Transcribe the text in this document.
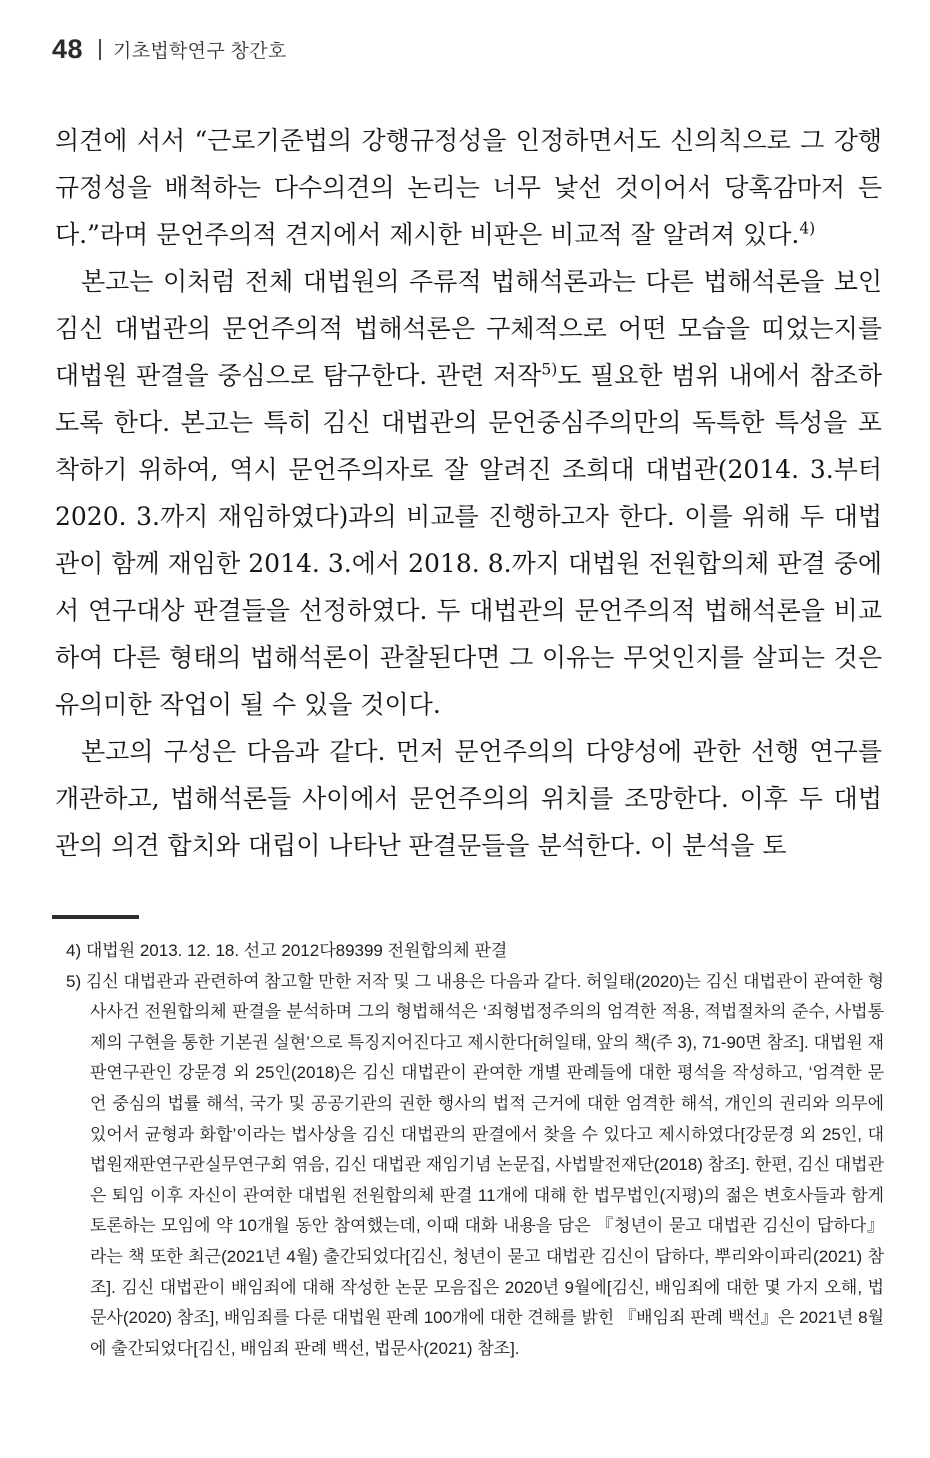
48 기초법학연구 창간호

의견에 서서 “근로기준법의 강행규정성을 인정하면서도 신의칙으로 그 강행규정성을 배척하는 다수의견의 논리는 너무 낯선 것이어서 당혹감마저 든다.”라며 문언주의적 견지에서 제시한 비판은 비교적 잘 알려져 있다.$^{4)}$

본고는 이처럼 전체 대법원의 주류적 법해석론과는 다른 법해석론을 보인 김신 대법관의 문언주의적 법해석론은 구체적으로 어떤 모습을 띠었는지를 대법원 판결을 중심으로 탐구한다. 관련 저작$^{5)}$도 필요한 범위 내에서 참조하도록 한다. 본고는 특히 김신 대법관의 문언중심주의만의 독특한 특성을 포착하기 위하여, 역시 문언주의자로 잘 알려진 조희대 대법관(2014. 3.부터 2020. 3.까지 재임하였다)과의 비교를 진행하고자 한다. 이를 위해 두 대법관이 함께 재임한 2014. 3.에서 2018. 8.까지 대법원 전원합의체 판결 중에서 연구대상 판결들을 선정하였다. 두 대법관의 문언주의적 법해석론을 비교하여 다른 형태의 법해석론이 관찰된다면 그 이유는 무엇인지를 살피는 것은 유의미한 작업이 될 수 있을 것이다.

본고의 구성은 다음과 같다. 먼저 문언주의의 다양성에 관한 선행 연구를 개관하고, 법해석론들 사이에서 문언주의의 위치를 조망한다. 이후 두 대법관의 의견 합치와 대립이 나타난 판결문들을 분석한다. 이 분석을 토

4) 대법원 2013. 12. 18. 선고 2012다89399 전원합의체 판결
5) 김신 대법관과 관련하여 참고할 만한 저작 및 그 내용은 다음과 같다. 허일태(2020)는 김신 대법관이 관여한 형사사건 전원합의체 판결을 분석하며 그의 형법해석은 ‘죄형법정주의의 엄격한 적용, 적법절차의 준수, 사법통제의 구현을 통한 기본권 실현’으로 특징지어진다고 제시한다[허일태, 앞의 책(주 3), 71-90면 참조]. 대법원 재판연구관인 강문경 외 25인(2018)은 김신 대법관이 관여한 개별 판례들에 대한 평석을 작성하고, ‘엄격한 문언 중심의 법률 해석, 국가 및 공공기관의 권한 행사의 법적 근거에 대한 엄격한 해석, 개인의 권리와 의무에 있어서 균형과 화합’이라는 법사상을 김신 대법관의 판결에서 찾을 수 있다고 제시하였다[강문경 외 25인, 대법원재판연구관실무연구회 엮음, 김신 대법관 재임기념 논문집, 사법발전재단(2018) 참조]. 한편, 김신 대법관은 퇴임 이후 자신이 관여한 대법원 전원합의체 판결 11개에 대해 한 법무법인(지평)의 젊은 변호사들과 함게 토론하는 모임에 약 10개월 동안 참여했는데, 이때 대화 내용을 담은 『청년이 묻고 대법관 김신이 답하다』라는 책 또한 최근(2021년 4월) 출간되었다[김신, 청년이 묻고 대법관 김신이 답하다, 뿌리와이파리(2021) 참조]. 김신 대법관이 배임죄에 대해 작성한 논문 모음집은 2020년 9월에[김신, 배임죄에 대한 몇 가지 오해, 법문사(2020) 참조], 배임죄를 다룬 대법원 판례 100개에 대한 견해를 밝힌 『배임죄 판례 백선』은 2021년 8월에 출간되었다[김신, 배임죄 판례 백선, 법문사(2021) 참조].
